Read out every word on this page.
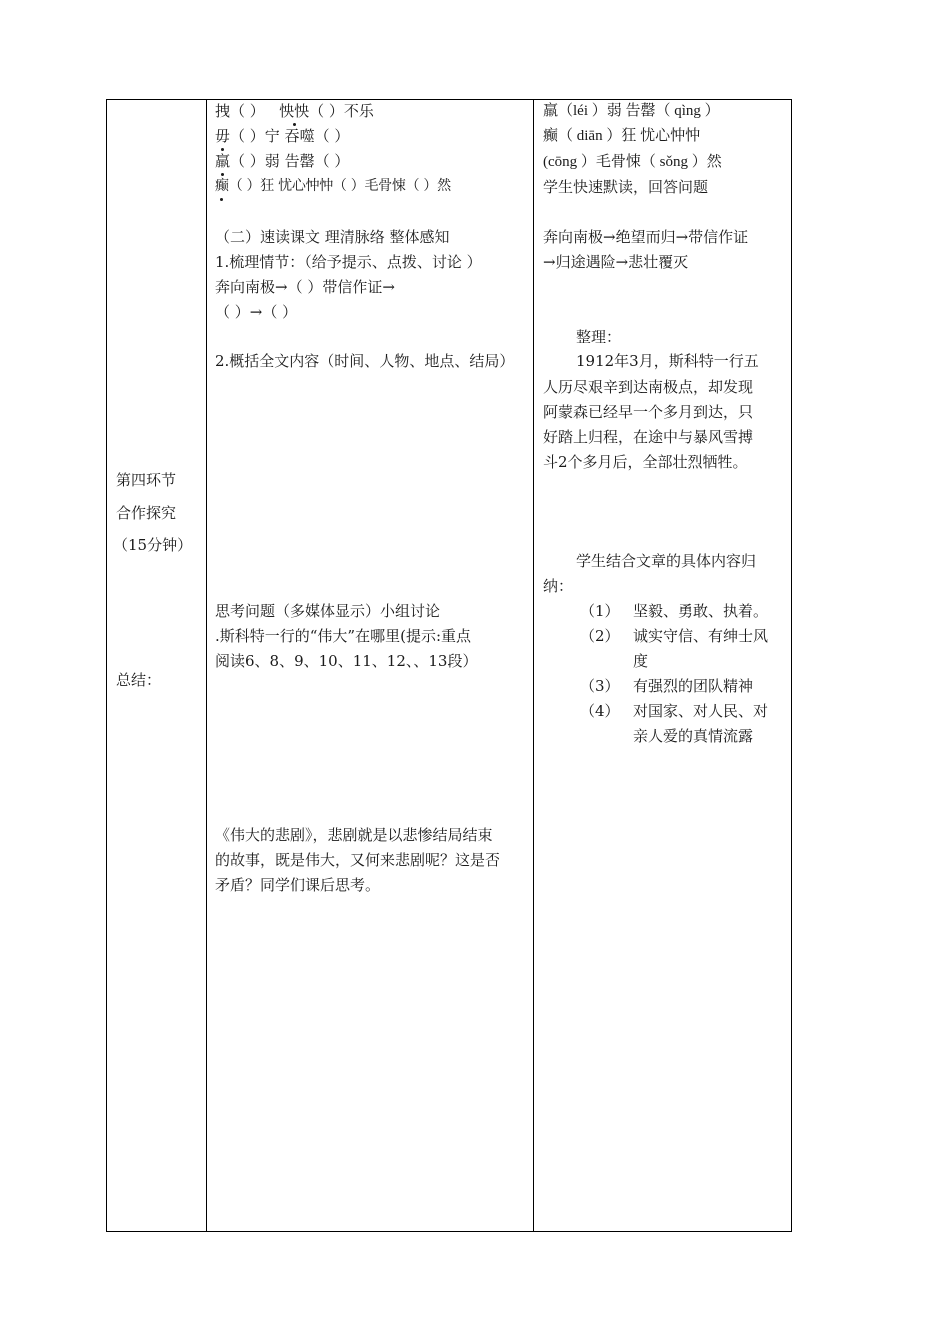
第四环节
合作探究
（15分钟）
总结：
拽（ ） 怏怏（ ）不乐
毋（ ）宁 吞噬（ ）
羸（ ）弱 告罄（ ）
癫（ ）狂 忧心忡忡（ ）毛骨悚（ ）然
（二）速读课文 理清脉络 整体感知
1.梳理情节：（给予提示、点拨、讨论 ）
奔向南极→（ ）带信作证→
（ ）→（ ）
2.概括全文内容（时间、人物、地点、结局）
思考问题（多媒体显示）小组讨论
.斯科特一行的“伟大”在哪里(提示:重点
阅读6、8、9、10、11、12、、13段）
《伟大的悲剧》，悲剧就是以悲惨结局结束
的故事，既是伟大，又何来悲剧呢？这是否
矛盾？同学们课后思考。
羸（léi ）弱 告罄（ qìng ）
癫（ diān ）狂 忧心忡忡
(cōng ）毛骨悚（ sǒng ）然
学生快速默读，回答问题
奔向南极→绝望而归→带信作证
→归途遇险→悲壮覆灭
整理：
1912年3月，斯科特一行五
人历尽艰辛到达南极点，却发现
阿蒙森已经早一个多月到达，只
好踏上归程，在途中与暴风雪搏
斗2个多月后，全部壮烈牺牲。
学生结合文章的具体内容归
纳：
（1） 坚毅、勇敢、执着。
（2） 诚实守信、有绅士风
度
（3） 有强烈的团队精神
（4） 对国家、对人民、对
亲人爱的真情流露
